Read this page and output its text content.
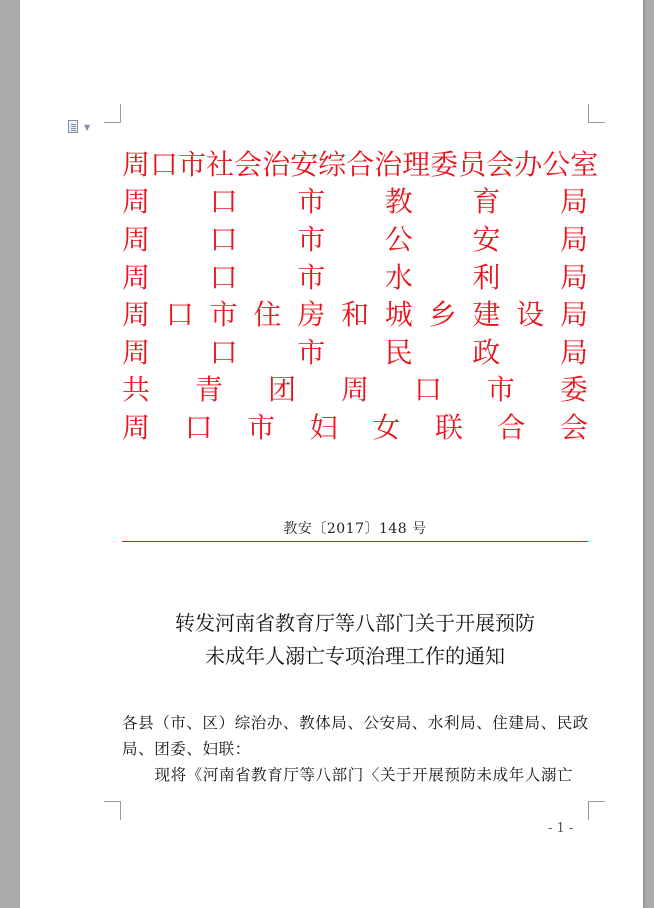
▼
周 口 市 社 会 治 安 综 合 治 理 委 员 会 办 公 室
周 口 市 教 育 局
周 口 市 公 安 局
周 口 市 水 利 局
周 口 市 住 房 和 城 乡 建 设 局
周 口 市 民 政 局
共 青 团 周 口 市 委
周 口 市 妇 女 联 合 会
教安〔2017〕148 号
转发河南省教育厅等八部门关于开展预防
未成年人溺亡专项治理工作的通知

各县（市、区）综治办、教体局、公安局、水利局、住建局、民政局、团委、妇联：

现将《河南省教育厅等八部门〈关于开展预防未成年人溺亡

- 1 -
